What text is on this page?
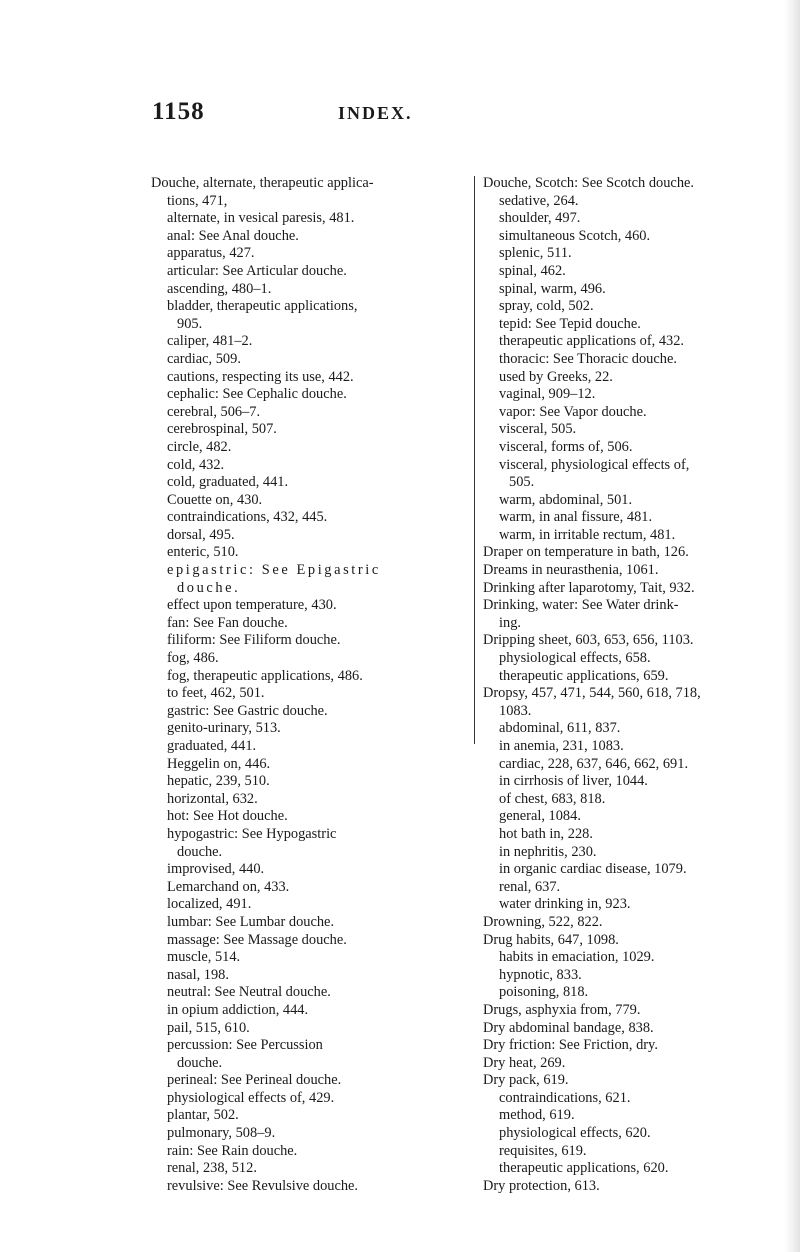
1158	INDEX.
Douche, alternate, therapeutic applica-
tions, 471,
alternate, in vesical paresis, 481.
anal: See Anal douche.
apparatus, 427.
articular: See Articular douche.
ascending, 480–1.
bladder, therapeutic applications,
905.
caliper, 481–2.
cardiac, 509.
cautions, respecting its use, 442.
cephalic: See Cephalic douche.
cerebral, 506–7.
cerebrospinal, 507.
circle, 482.
cold, 432.
cold, graduated, 441.
Couette on, 430.
contraindications, 432, 445.
dorsal, 495.
enteric, 510.
epigastric: See Epigastric
douche.
effect upon temperature, 430.
fan: See Fan douche.
filiform: See Filiform douche.
fog, 486.
fog, therapeutic applications, 486.
to feet, 462, 501.
gastric: See Gastric douche.
genito-urinary, 513.
graduated, 441.
Heggelin on, 446.
hepatic, 239, 510.
horizontal, 632.
hot: See Hot douche.
hypogastric: See Hypogastric
douche.
improvised, 440.
Lemarchand on, 433.
localized, 491.
lumbar: See Lumbar douche.
massage: See Massage douche.
muscle, 514.
nasal, 198.
neutral: See Neutral douche.
in opium addiction, 444.
pail, 515, 610.
percussion: See Percussion
douche.
perineal: See Perineal douche.
physiological effects of, 429.
plantar, 502.
pulmonary, 508–9.
rain: See Rain douche.
renal, 238, 512.
revulsive: See Revulsive douche.
Douche, Scotch: See Scotch douche.
sedative, 264.
shoulder, 497.
simultaneous Scotch, 460.
splenic, 511.
spinal, 462.
spinal, warm, 496.
spray, cold, 502.
tepid: See Tepid douche.
therapeutic applications of, 432.
thoracic: See Thoracic douche.
used by Greeks, 22.
vaginal, 909–12.
vapor: See Vapor douche.
visceral, 505.
visceral, forms of, 506.
visceral, physiological effects of,
505.
warm, abdominal, 501.
warm, in anal fissure, 481.
warm, in irritable rectum, 481.
Draper on temperature in bath, 126.
Dreams in neurasthenia, 1061.
Drinking after laparotomy, Tait, 932.
Drinking, water: See Water drink-
ing.
Dripping sheet, 603, 653, 656, 1103.
physiological effects, 658.
therapeutic applications, 659.
Dropsy, 457, 471, 544, 560, 618, 718,
1083.
abdominal, 611, 837.
in anemia, 231, 1083.
cardiac, 228, 637, 646, 662, 691.
in cirrhosis of liver, 1044.
of chest, 683, 818.
general, 1084.
hot bath in, 228.
in nephritis, 230.
in organic cardiac disease, 1079.
renal, 637.
water drinking in, 923.
Drowning, 522, 822.
Drug habits, 647, 1098.
habits in emaciation, 1029.
hypnotic, 833.
poisoning, 818.
Drugs, asphyxia from, 779.
Dry abdominal bandage, 838.
Dry friction: See Friction, dry.
Dry heat, 269.
Dry pack, 619.
contraindications, 621.
method, 619.
physiological effects, 620.
requisites, 619.
therapeutic applications, 620.
Dry protection, 613.
